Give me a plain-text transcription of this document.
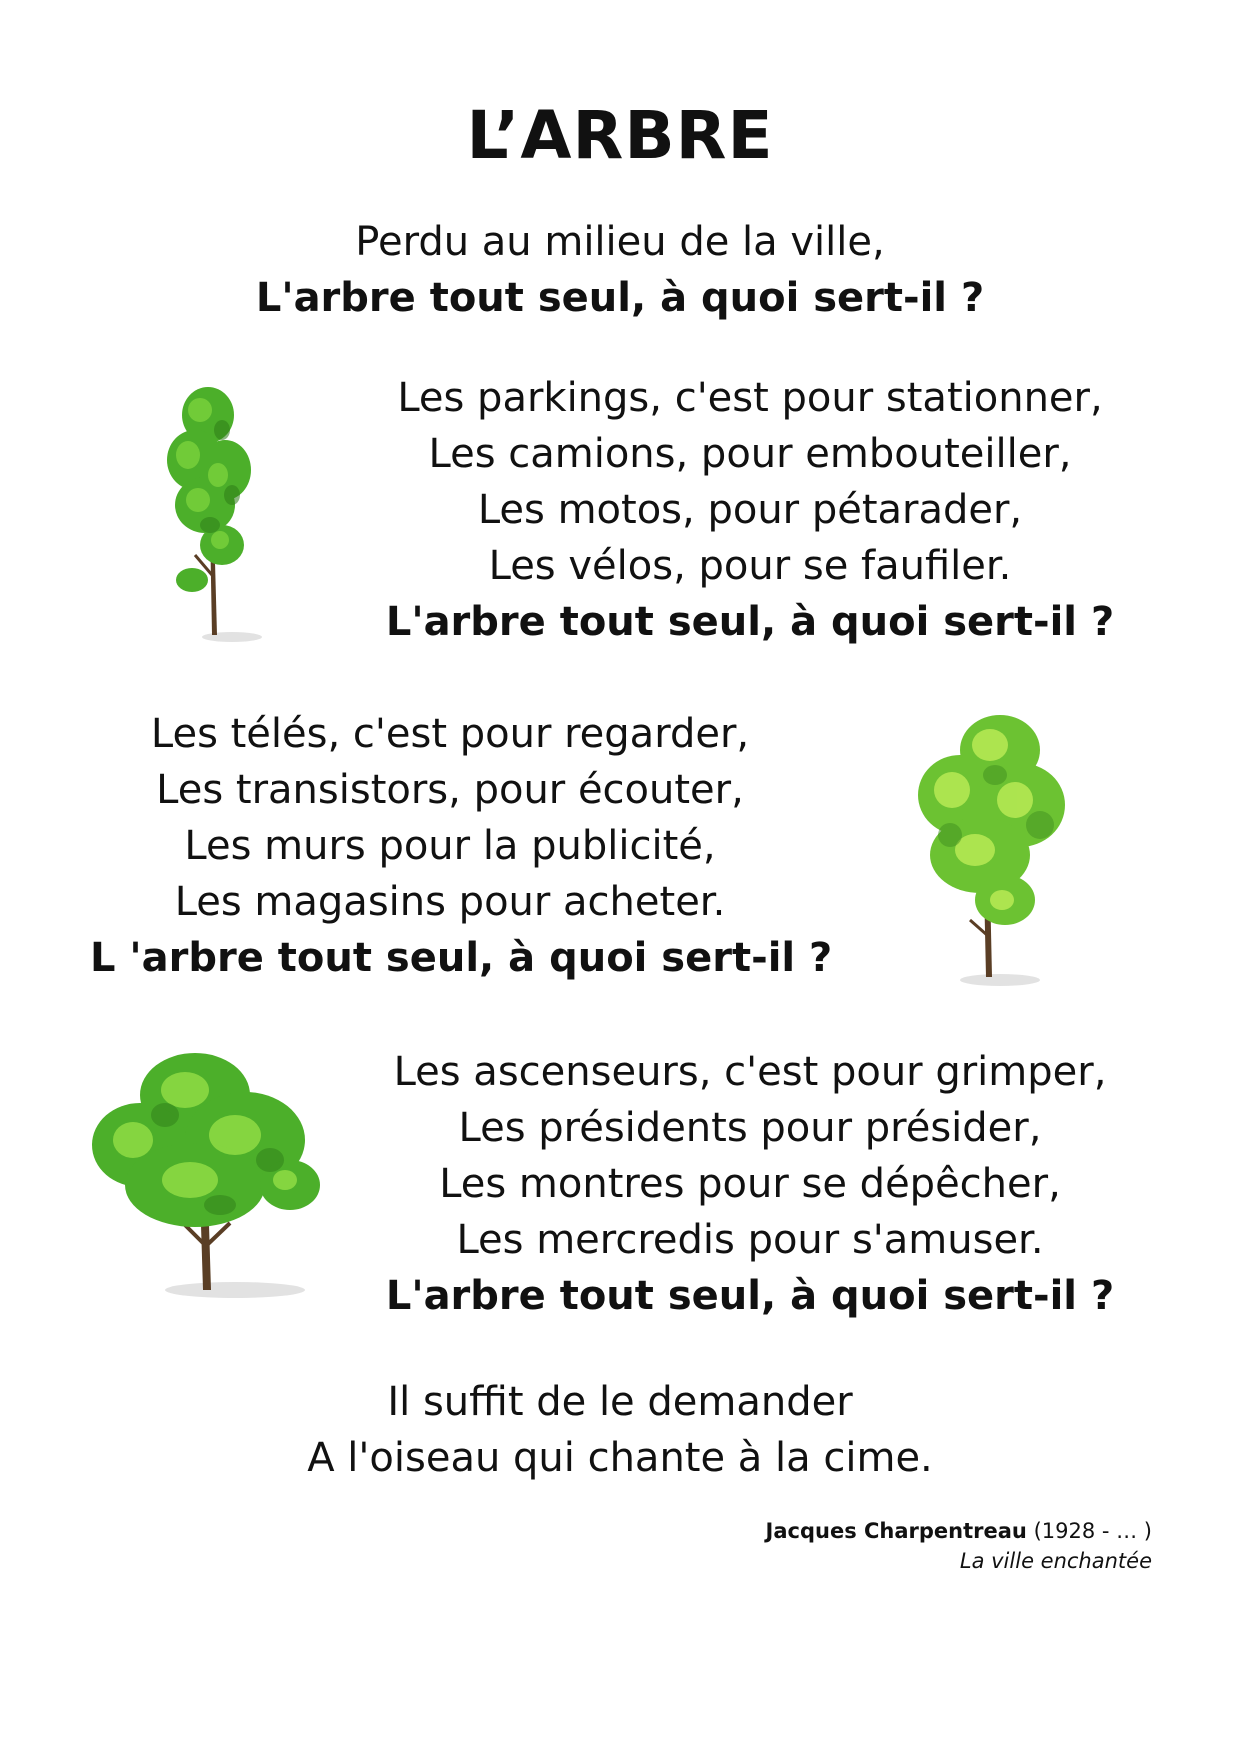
L’ARBRE
Perdu au milieu de la ville,
L'arbre tout seul, à quoi sert-il ?
Les parkings, c'est pour stationner,
Les camions, pour embouteiller,
Les motos, pour pétarader,
Les vélos, pour se faufiler.
L'arbre tout seul, à quoi sert-il ?
Les télés, c'est pour regarder,
Les transistors, pour écouter,
Les murs pour la publicité,
Les magasins pour acheter.
L 'arbre tout seul, à quoi sert-il ?
Les ascenseurs, c'est pour grimper,
Les présidents pour présider,
Les montres pour se dépêcher,
Les mercredis pour s'amuser.
L'arbre tout seul, à quoi sert-il ?
Il suffit de le demander
A l'oiseau qui chante à la cime.
Jacques Charpentreau (1928 - … )
La ville enchantée
